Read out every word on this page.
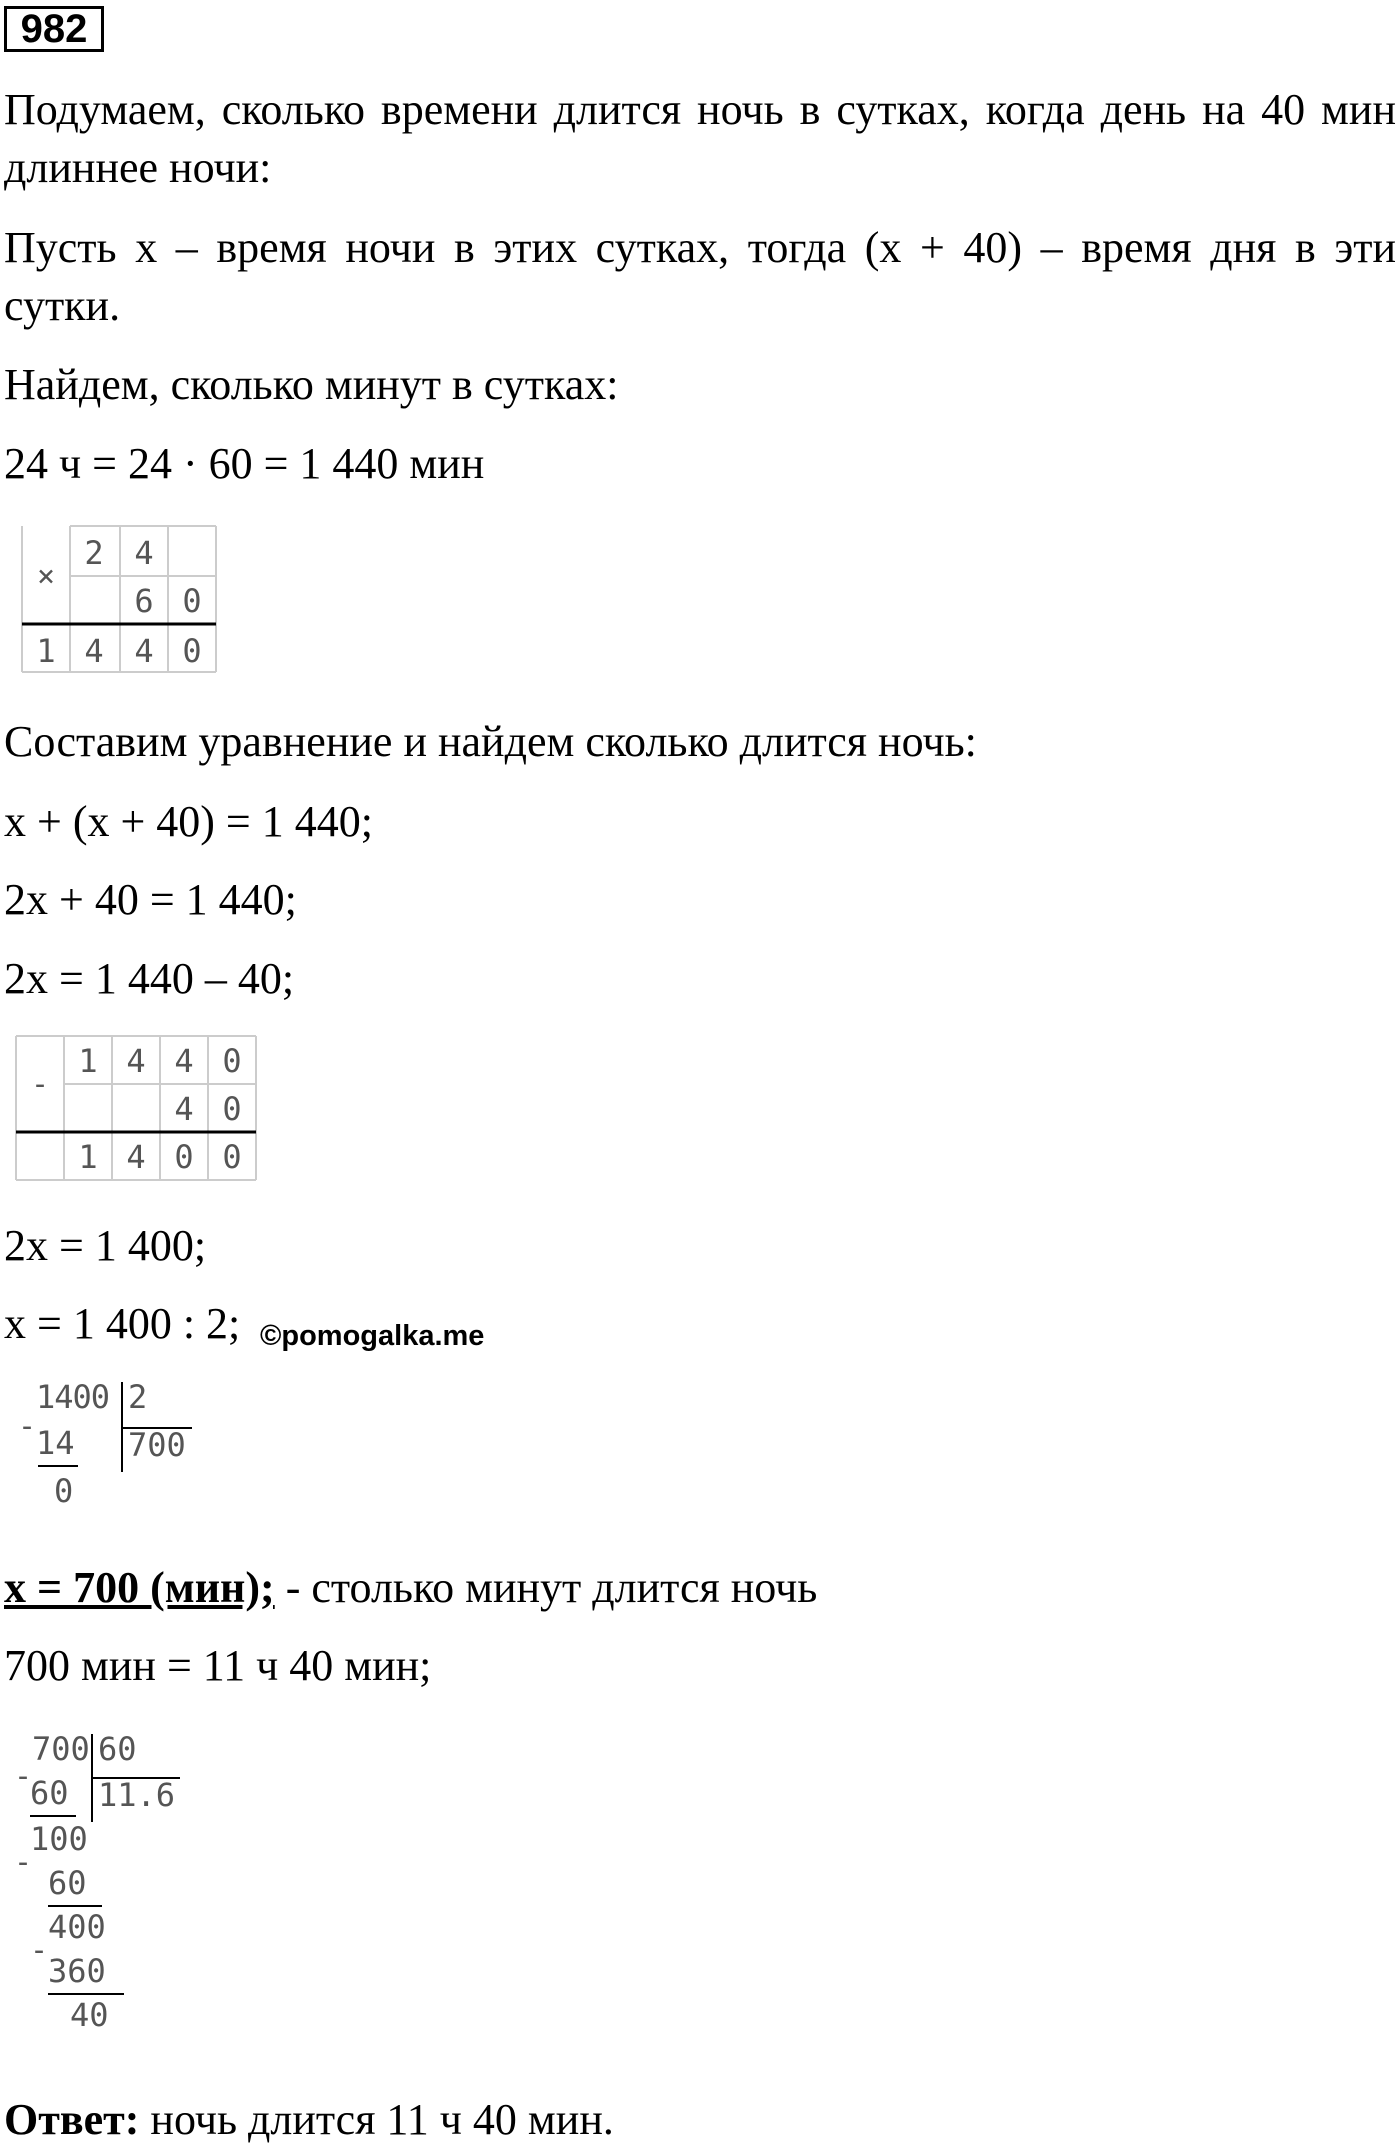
982
Подумаем, сколько времени длится ночь в сутках, когда день на 40 мин
длиннее ночи:
Пусть х – время ночи в этих сутках, тогда (х + 40) – время дня в эти
сутки.
Найдем, сколько минут в сутках:
24 ч = 24 · 60 = 1 440 мин
×
2 4
6 0
1 4 4 0
Составим уравнение и найдем сколько длится ночь:
х + (х + 40) = 1 440;
2х + 40 = 1 440;
2х = 1 440 – 40;
-
1 4 4 0
4 0
1 4 0 0
2х = 1 400;
х = 1 400 : 2; ©pomogalka.me
1400 2
700
- 14
0
х = 700 (мин); - столько минут длится ночь
700 мин = 11 ч 40 мин;
700 60
11.6
-
60
100
-
60
400
-
360
40
Ответ: ночь длится 11 ч 40 мин.
